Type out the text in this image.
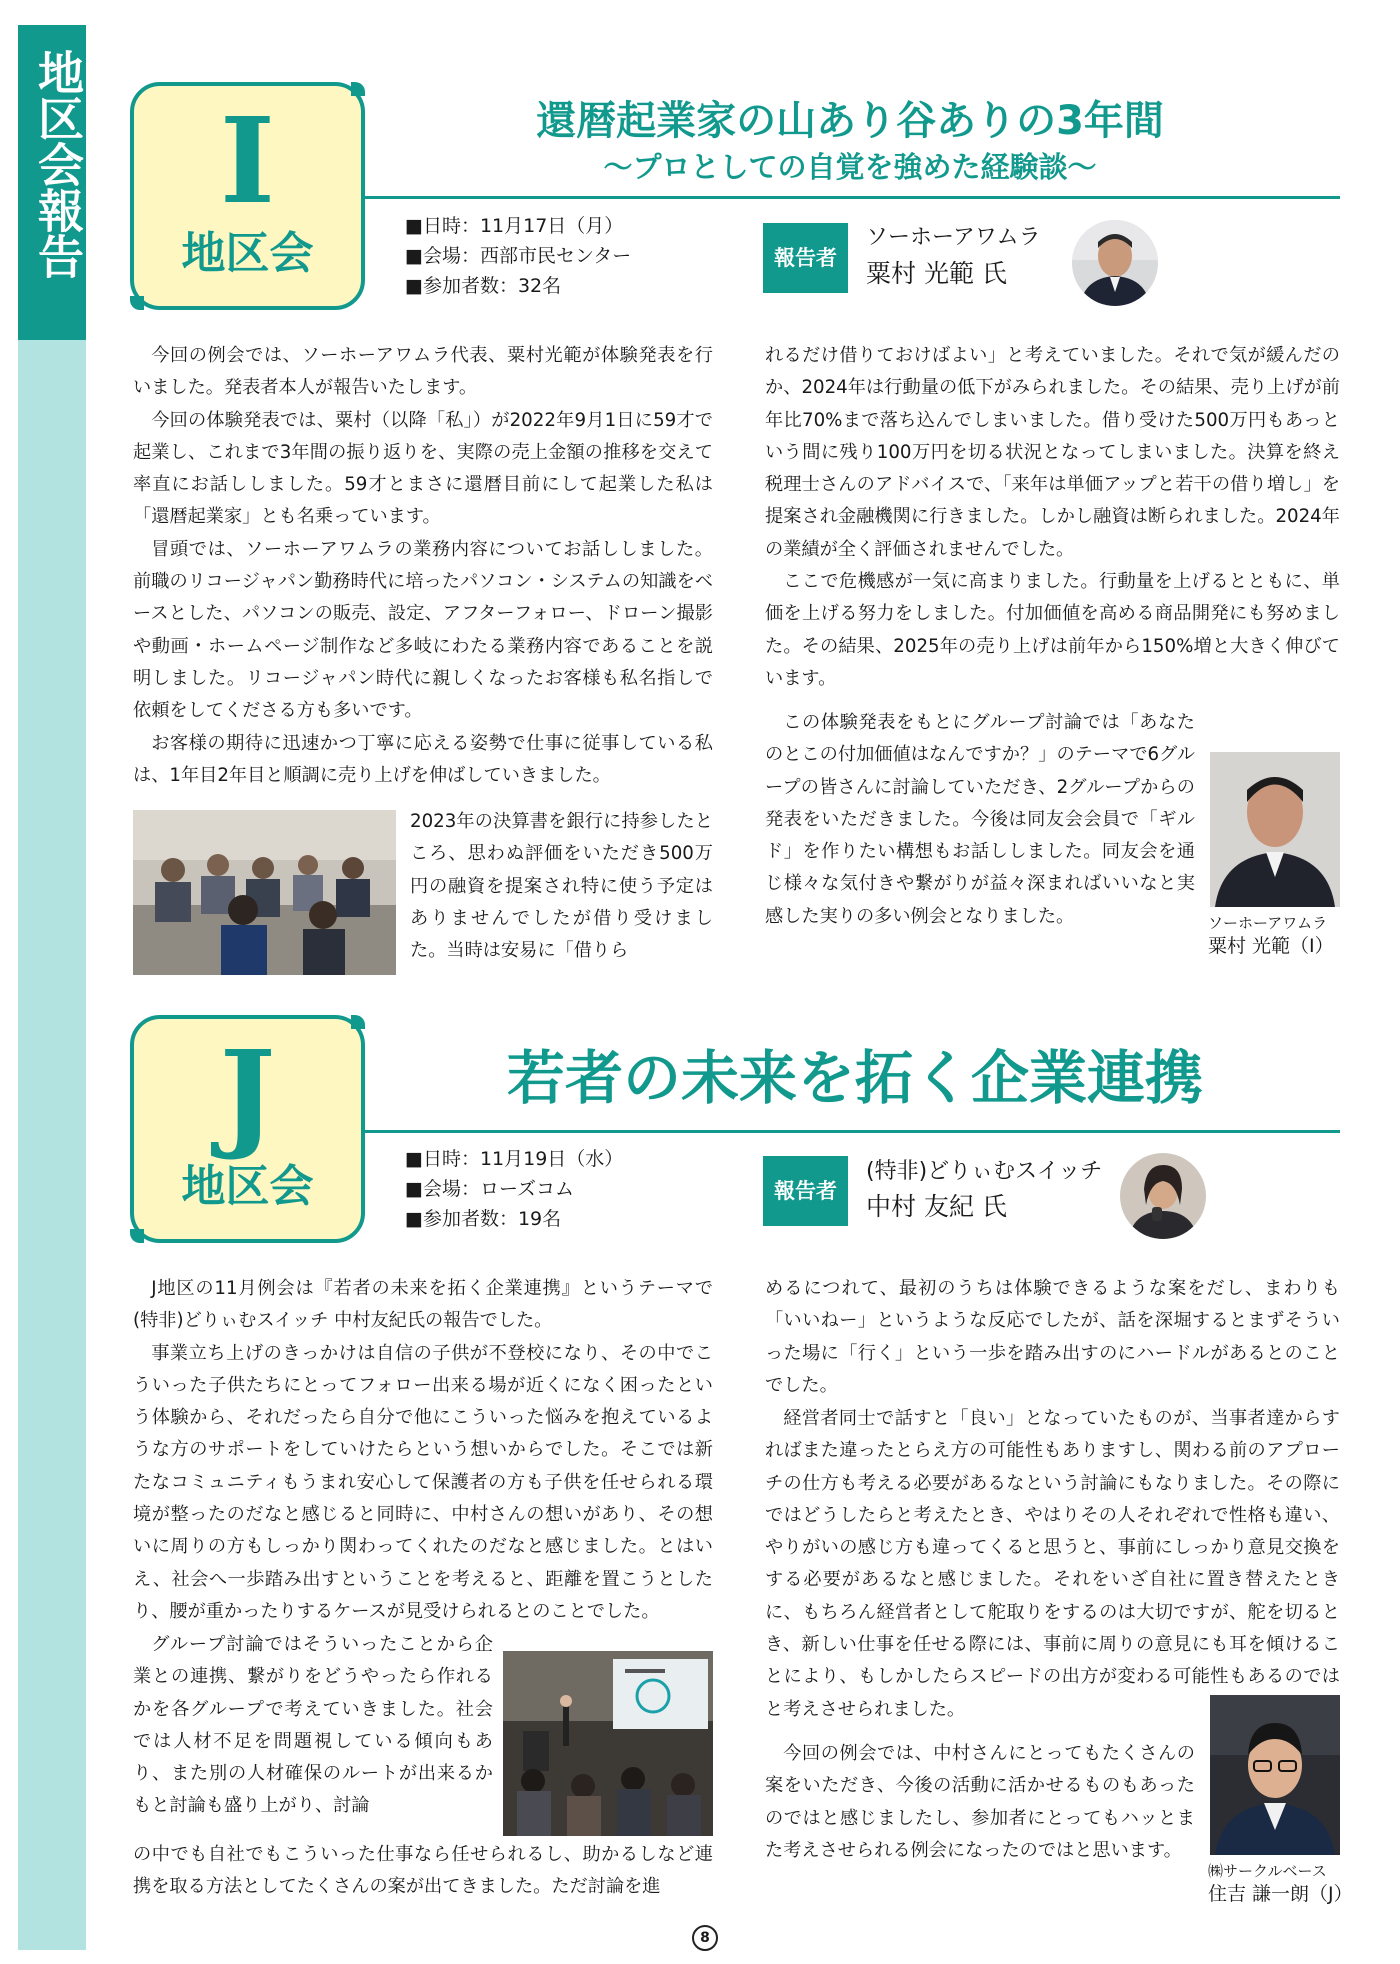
地区会報告	I
地区会
還暦起業家の山あり谷ありの3年間
～プロとしての自覚を強めた経験談～
■日時：11月17日（月）
■会場：西部市民センター
■参加者数：32名
報告者
ソーホーアワムラ
粟村 光範 氏

今回の例会では、ソーホーアワムラ代表、粟村光範が体験発表を行いました。発表者本人が報告いたします。

今回の体験発表では、粟村（以降「私」）が2022年9月1日に59才で起業し、これまで3年間の振り返りを、実際の売上金額の推移を交えて率直にお話ししました。59才とまさに還暦目前にして起業した私は「還暦起業家」とも名乗っています。

冒頭では、ソーホーアワムラの業務内容についてお話ししました。前職のリコージャパン勤務時代に培ったパソコン・システムの知識をベースとした、パソコンの販売、設定、アフターフォロー、ドローン撮影や動画・ホームページ制作など多岐にわたる業務内容であることを説明しました。リコージャパン時代に親しくなったお客様も私名指しで依頼をしてくださる方も多いです。

お客様の期待に迅速かつ丁寧に応える姿勢で仕事に従事している私は、1年目2年目と順調に売り上げを伸ばしていきました。

2023年の決算書を銀行に持参したところ、思わぬ評価をいただき500万円の融資を提案され特に使う予定はありませんでしたが借り受けました。当時は安易に「借りら

れるだけ借りておけばよい」と考えていました。それで気が緩んだのか、2024年は行動量の低下がみられました。その結果、売り上げが前年比70%まで落ち込んでしまいました。借り受けた500万円もあっという間に残り100万円を切る状況となってしまいました。決算を終え税理士さんのアドバイスで、「来年は単価アップと若干の借り増し」を提案され金融機関に行きました。しかし融資は断られました。2024年の業績が全く評価されませんでした。

ここで危機感が一気に高まりました。行動量を上げるとともに、単価を上げる努力をしました。付加価値を高める商品開発にも努めました。その結果、2025年の売り上げは前年から150%増と大きく伸びています。

この体験発表をもとにグループ討論では「あなたのとこの付加価値はなんですか？」のテーマで6グループの皆さんに討論していただき、2グループからの発表をいただきました。今後は同友会会員で「ギルド」を作りたい構想もお話ししました。同友会を通じ様々な気付きや繋がりが益々深まればいいなと実感した実りの多い例会となりました。	ソーホーアワムラ
粟村 光範（I）
J
地区会
若者の未来を拓く企業連携
■日時：11月19日（水）
■会場：ローズコム
■参加者数：19名
報告者
(特非)どりぃむスイッチ
中村 友紀 氏

J地区の11月例会は『若者の未来を拓く企業連携』というテーマで(特非)どりぃむスイッチ 中村友紀氏の報告でした。

事業立ち上げのきっかけは自信の子供が不登校になり、その中でこういった子供たちにとってフォロー出来る場が近くになく困ったという体験から、それだったら自分で他にこういった悩みを抱えているような方のサポートをしていけたらという想いからでした。そこでは新たなコミュニティもうまれ安心して保護者の方も子供を任せられる環境が整ったのだなと感じると同時に、中村さんの想いがあり、その想いに周りの方もしっかり関わってくれたのだなと感じました。とはいえ、社会へ一歩踏み出すということを考えると、距離を置こうとしたり、腰が重かったりするケースが見受けられるとのことでした。

グループ討論ではそういったことから企業との連携、繋がりをどうやったら作れるかを各グループで考えていきました。社会では人材不足を問題視している傾向もあり、また別の人材確保のルートが出来るかもと討論も盛り上がり、討論

の中でも自社でもこういった仕事なら任せられるし、助かるしなど連携を取る方法としてたくさんの案が出てきました。ただ討論を進

めるにつれて、最初のうちは体験できるような案をだし、まわりも「いいねー」というような反応でしたが、話を深堀するとまずそういった場に「行く」という一歩を踏み出すのにハードルがあるとのことでした。

経営者同士で話すと「良い」となっていたものが、当事者達からすればまた違ったとらえ方の可能性もありますし、関わる前のアプローチの仕方も考える必要があるなという討論にもなりました。その際にではどうしたらと考えたとき、やはりその人それぞれで性格も違い、やりがいの感じ方も違ってくると思うと、事前にしっかり意見交換をする必要があるなと感じました。それをいざ自社に置き替えたときに、もちろん経営者として舵取りをするのは大切ですが、舵を切るとき、新しい仕事を任せる際には、事前に周りの意見にも耳を傾けることにより、もしかしたらスピードの出方が変わる可能性もあるのではと考えさせられました。

今回の例会では、中村さんにとってもたくさんの案をいただき、今後の活動に活かせるものもあったのではと感じましたし、参加者にとってもハッとまた考えさせられる例会になったのではと思います。

㈱サークルベース
住吉 謙一朗（J）
8
